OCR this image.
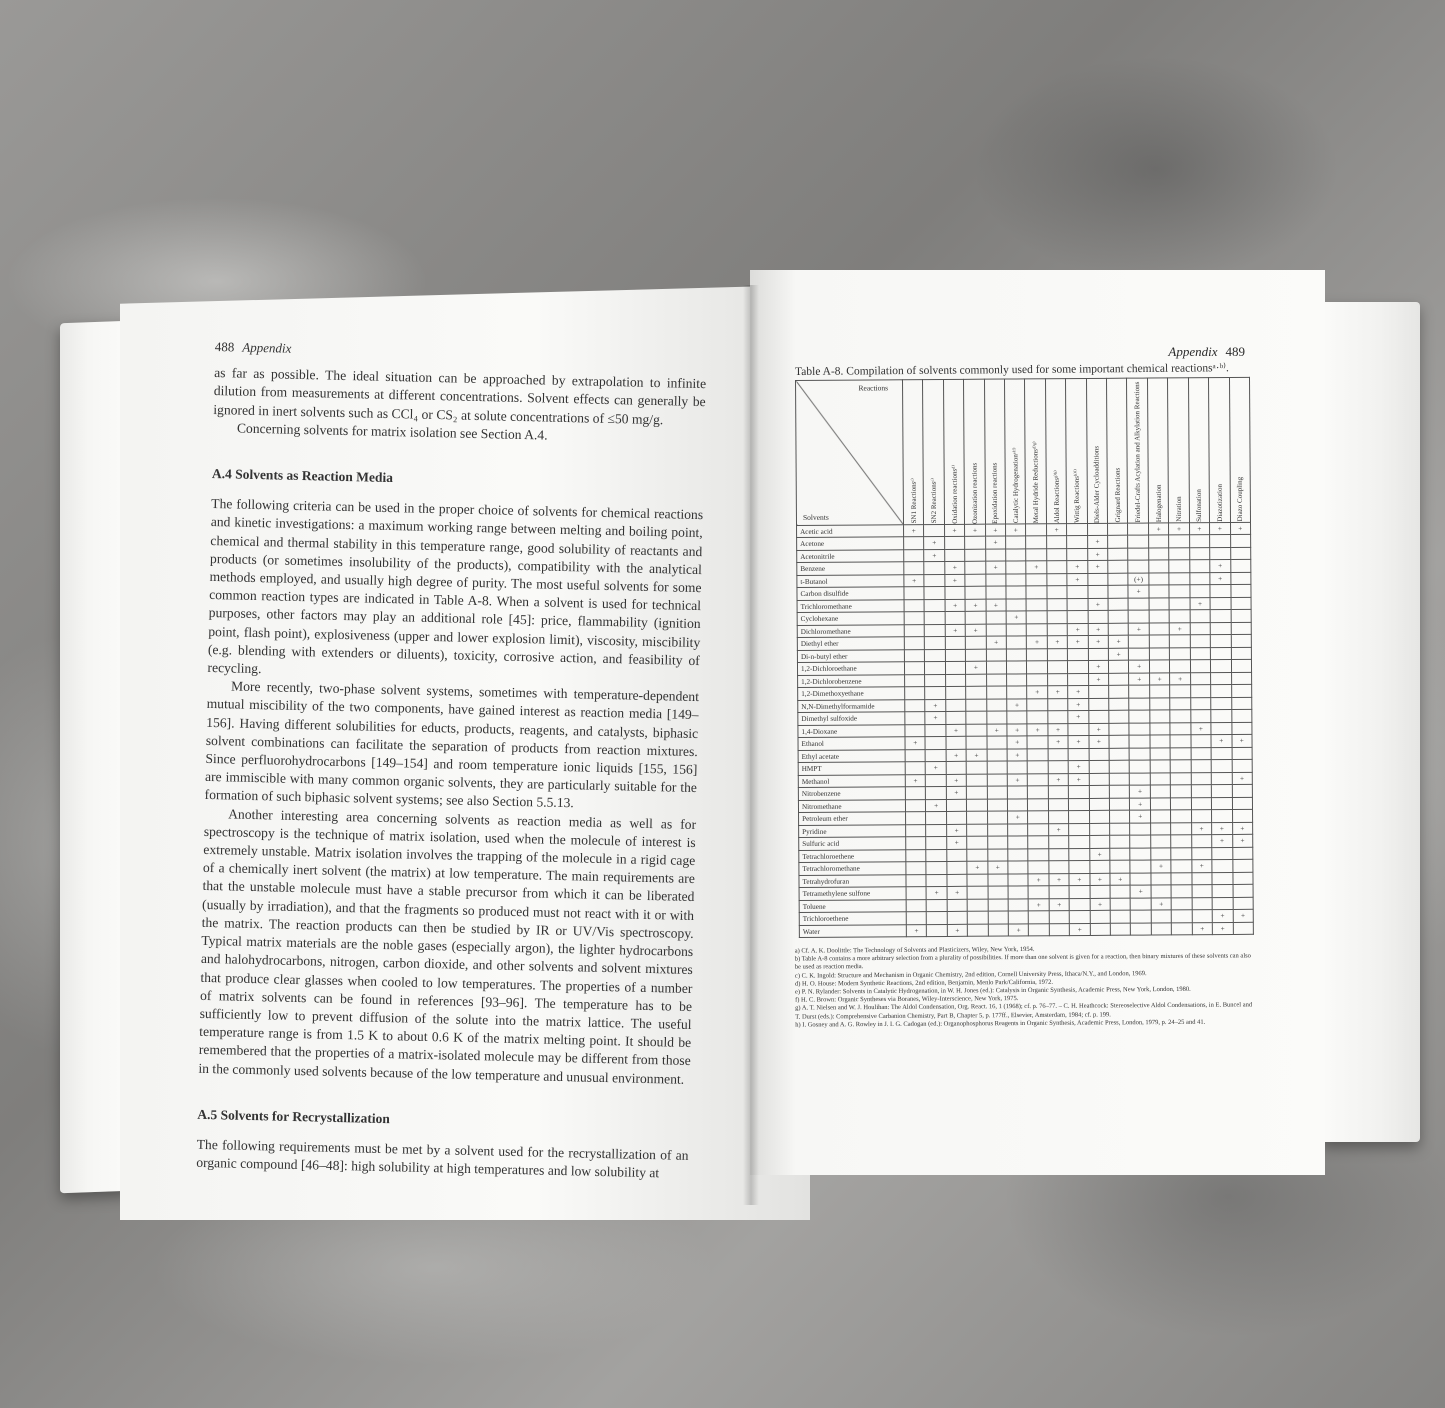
488 Appendix

as far as possible. The ideal situation can be approached by extrapolation to infinite dilution from measurements at different concentrations. Solvent effects can generally be ignored in inert solvents such as CCl₄ or CS₂ at solute concentrations of ≤50 mg/g.

Concerning solvents for matrix isolation see Section A.4.

A.4 Solvents as Reaction Media

The following criteria can be used in the proper choice of solvents for chemical reactions and kinetic investigations: a maximum working range between melting and boiling point, chemical and thermal stability in this temperature range, good solubility of reactants and products (or sometimes insolubility of the products), compatibility with the analytical methods employed, and usually high degree of purity. The most useful solvents for some common reaction types are indicated in Table A-8. When a solvent is used for technical purposes, other factors may play an additional role [45]: price, flammability (ignition point, flash point), explosiveness (upper and lower explosion limit), viscosity, miscibility (e.g. blending with extenders or diluents), toxicity, corrosive action, and feasibility of recycling.

More recently, two-phase solvent systems, sometimes with temperature-dependent mutual miscibility of the two components, have gained interest as reaction media [149–156]. Having different solubilities for educts, products, reagents, and catalysts, biphasic solvent combinations can facilitate the separation of products from reaction mixtures. Since perfluorohydrocarbons [149–154] and room temperature ionic liquids [155, 156] are immiscible with many common organic solvents, they are particularly suitable for the formation of such biphasic solvent systems; see also Section 5.5.13.

Another interesting area concerning solvents as reaction media as well as for spectroscopy is the technique of matrix isolation, used when the molecule of interest is extremely unstable. Matrix isolation involves the trapping of the molecule in a rigid cage of a chemically inert solvent (the matrix) at low temperature. The main requirements are that the unstable molecule must have a stable precursor from which it can be liberated (usually by irradiation), and that the fragments so produced must not react with it or with the matrix. The reaction products can then be studied by IR or UV/Vis spectroscopy. Typical matrix materials are the noble gases (especially argon), the lighter hydrocarbons and halohydrocarbons, nitrogen, carbon dioxide, and other solvents and solvent mixtures that produce clear glasses when cooled to low temperatures. The properties of a number of matrix solvents can be found in references [93–96]. The temperature has to be sufficiently low to prevent diffusion of the solute into the matrix lattice. The useful temperature range is from 1.5 K to about 0.6 K of the matrix melting point. It should be remembered that the properties of a matrix-isolated molecule may be different from those in the commonly used solvents because of the low temperature and unusual environment.

A.5 Solvents for Recrystallization

The following requirements must be met by a solvent used for the recrystallization of an organic compound [46–48]: high solubility at high temperatures and low solubility at

Appendix 489
Table A-8. Compilation of solvents commonly used for some important chemical reactionsᵃ·ᵇ⁾.
Reactions
Solvents	SN1 Reactionsᶜ⁾	SN2 Reactionsᶜ⁾	Oxidation reactionsᵈ⁾	Ozonization reactions	Epoxidation reactions	Catalytic Hydrogenationᵉ⁾ᶠ⁾	Metal Hydride Reductionsᵈ⁾ᵍ⁾	Aldol Reactionsᵍ⁾ʰ⁾	Wittig Reactionsʰ⁾ⁱ⁾	Diels-Alder Cycloadditions	Grignard Reactions	Friedel-Crafts Acylation and Alkylation Reactions	Halogenation	Nitration	Sulfonation	Diazotization	Diazo Coupling

Acetic acid	+		+	+	+	+		+					+	+	+	+	+
Acetone		+			+					+							
Acetonitrile		+								+							
Benzene			+		+		+		+	+						+	
t-Butanol	+		+						+			(+)				+	
Carbon disulfide												+					
Trichloromethane			+	+	+					+					+		
Cyclohexane						+											
Dichloromethane			+	+					+	+		+		+			
Diethyl ether					+		+	+	+	+	+						
Di-n-butyl ether											+						
1,2-Dichloroethane				+						+		+					
1,2-Dichlorobenzene										+		+	+	+			
1,2-Dimethoxyethane							+	+	+								
N,N-Dimethylformamide		+				+			+								
Dimethyl sulfoxide		+							+								
1,4-Dioxane			+		+	+	+	+		+					+		
Ethanol	+					+		+	+	+						+	+
Ethyl acetate			+	+		+											
HMPT		+							+								
Methanol	+		+			+		+	+								+
Nitrobenzene			+									+					
Nitromethane		+										+					
Petroleum ether						+						+					
Pyridine			+					+							+	+	+
Sulfuric acid			+													+	+
Tetrachloroethene										+							
Tetrachloromethane				+	+								+		+		
Tetrahydrofuran							+	+	+	+	+						
Tetramethylene sulfone		+	+									+					
Toluene							+	+		+			+				
Trichloroethene																+	+
Water	+		+			+			+						+	+	

a) Cf. A. K. Doolittle: The Technology of Solvents and Plasticizers, Wiley, New York, 1954.

b) Table A-8 contains a more arbitrary selection from a plurality of possibilities. If more than one solvent is given for a reaction, then binary mixtures of these solvents can also be used as reaction media.

c) C. K. Ingold: Structure and Mechanism in Organic Chemistry, 2nd edition, Cornell University Press, Ithaca/N.Y., and London, 1969.

d) H. O. House: Modern Synthetic Reactions, 2nd edition, Benjamin, Menlo Park/California, 1972.

e) P. N. Rylander: Solvents in Catalytic Hydrogenation, in W. H. Jones (ed.): Catalysis in Organic Synthesis, Academic Press, New York, London, 1980.

f) H. C. Brown: Organic Syntheses via Boranes, Wiley-Interscience, New York, 1975.

g) A. T. Nielsen and W. J. Houlihan: The Aldol Condensation, Org. React. 16, 1 (1968); cf. p. 76–77. – C. H. Heathcock: Stereoselective Aldol Condensations, in E. Buncel and T. Durst (eds.): Comprehensive Carbanion Chemistry, Part B, Chapter 5, p. 177ff., Elsevier, Amsterdam, 1984; cf. p. 199.

h) I. Gosney and A. G. Rowley in J. I. G. Cadogan (ed.): Organophosphorus Reagents in Organic Synthesis, Academic Press, London, 1979, p. 24–25 and 41.
